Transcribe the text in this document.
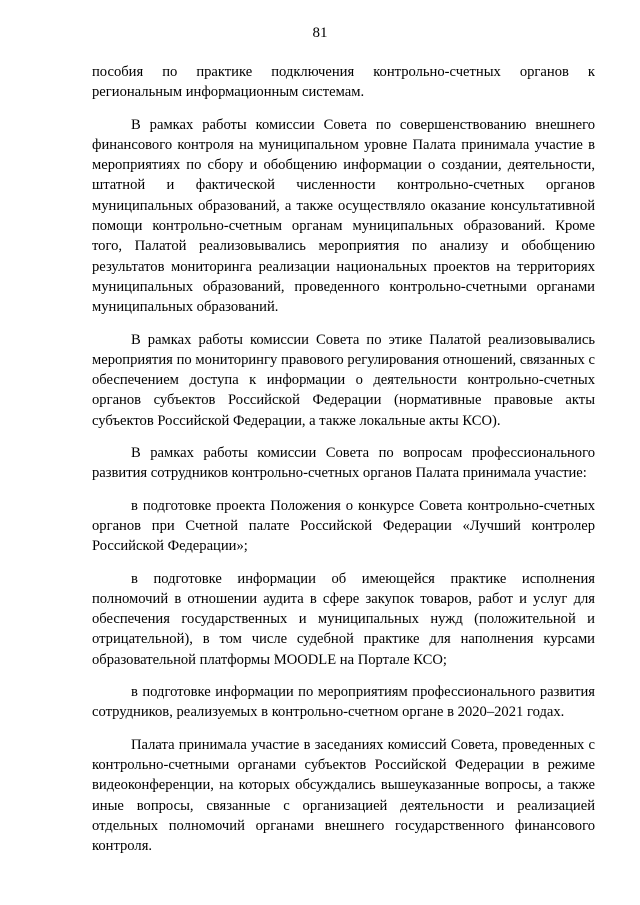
81

пособия по практике подключения контрольно-счетных органов к региональным информационным системам.

В рамках работы комиссии Совета по совершенствованию внешнего финансового контроля на муниципальном уровне Палата принимала участие в мероприятиях по сбору и обобщению информации о создании, деятельности, штатной и фактической численности контрольно-счетных органов муниципальных образований, а также осуществляло оказание консультативной помощи контрольно-счетным органам муниципальных образований. Кроме того, Палатой реализовывались мероприятия по анализу и обобщению результатов мониторинга реализации национальных проектов на территориях муниципальных образований, проведенного контрольно-счетными органами муниципальных образований.

В рамках работы комиссии Совета по этике Палатой реализовывались мероприятия по мониторингу правового регулирования отношений, связанных с обеспечением доступа к информации о деятельности контрольно-счетных органов субъектов Российской Федерации (нормативные правовые акты субъектов Российской Федерации, а также локальные акты КСО).

В рамках работы комиссии Совета по вопросам профессионального развития сотрудников контрольно-счетных органов Палата принимала участие:

в подготовке проекта Положения о конкурсе Совета контрольно-счетных органов при Счетной палате Российской Федерации «Лучший контролер Российской Федерации»;

в подготовке информации об имеющейся практике исполнения полномочий в отношении аудита в сфере закупок товаров, работ и услуг для обеспечения государственных и муниципальных нужд (положительной и отрицательной), в том числе судебной практике для наполнения курсами образовательной платформы MOODLE на Портале КСО;

в подготовке информации по мероприятиям профессионального развития сотрудников, реализуемых в контрольно-счетном органе в 2020–2021 годах.

Палата принимала участие в заседаниях комиссий Совета, проведенных с контрольно-счетными органами субъектов Российской Федерации в режиме видеоконференции, на которых обсуждались вышеуказанные вопросы, а также иные вопросы, связанные с организацией деятельности и реализацией отдельных полномочий органами внешнего государственного финансового контроля.
